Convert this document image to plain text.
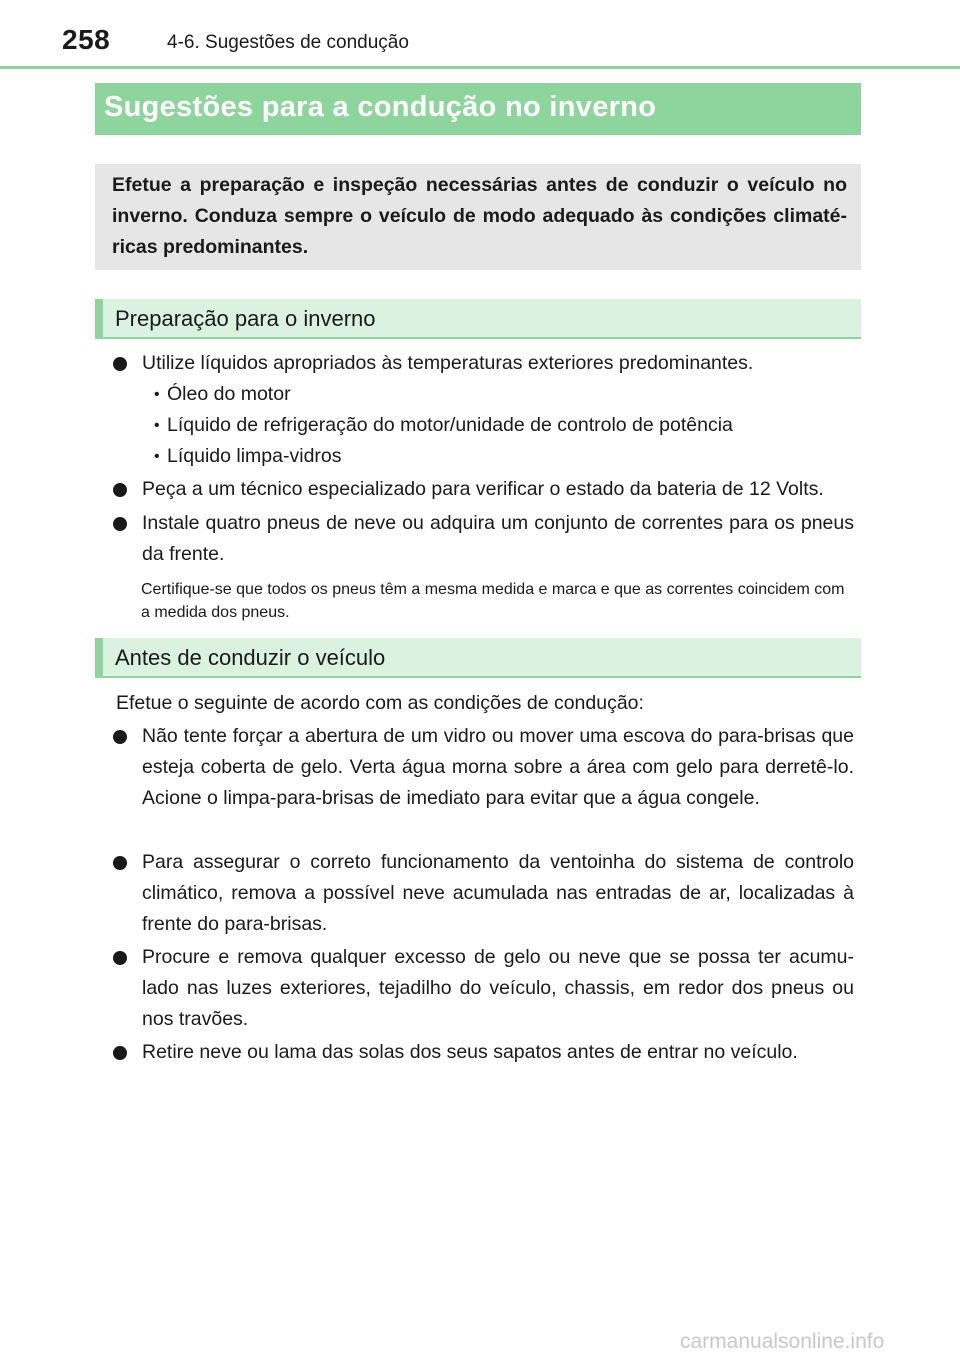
258	4-6. Sugestões de condução
Sugestões para a condução no inverno
Efetue a preparação e inspeção necessárias antes de conduzir o veículo no inverno. Conduza sempre o veículo de modo adequado às condições climaté-ricas predominantes.
Preparação para o inverno
Utilize líquidos apropriados às temperaturas exteriores predominantes.
• Óleo do motor
• Líquido de refrigeração do motor/unidade de controlo de potência
• Líquido limpa-vidros
Peça a um técnico especializado para verificar o estado da bateria de 12 Volts.
Instale quatro pneus de neve ou adquira um conjunto de correntes para os pneus da frente.
Certifique-se que todos os pneus têm a mesma medida e marca e que as correntes coincidem com a medida dos pneus.
Antes de conduzir o veículo
Efetue o seguinte de acordo com as condições de condução:
Não tente forçar a abertura de um vidro ou mover uma escova do para-brisas que esteja coberta de gelo. Verta água morna sobre a área com gelo para derretê-lo. Acione o limpa-para-brisas de imediato para evitar que a água congele.
Para assegurar o correto funcionamento da ventoinha do sistema de controlo climático, remova a possível neve acumulada nas entradas de ar, localizadas à frente do para-brisas.
Procure e remova qualquer excesso de gelo ou neve que se possa ter acumu-lado nas luzes exteriores, tejadilho do veículo, chassis, em redor dos pneus ou nos travões.
Retire neve ou lama das solas dos seus sapatos antes de entrar no veículo.
carmanualsonline.info
